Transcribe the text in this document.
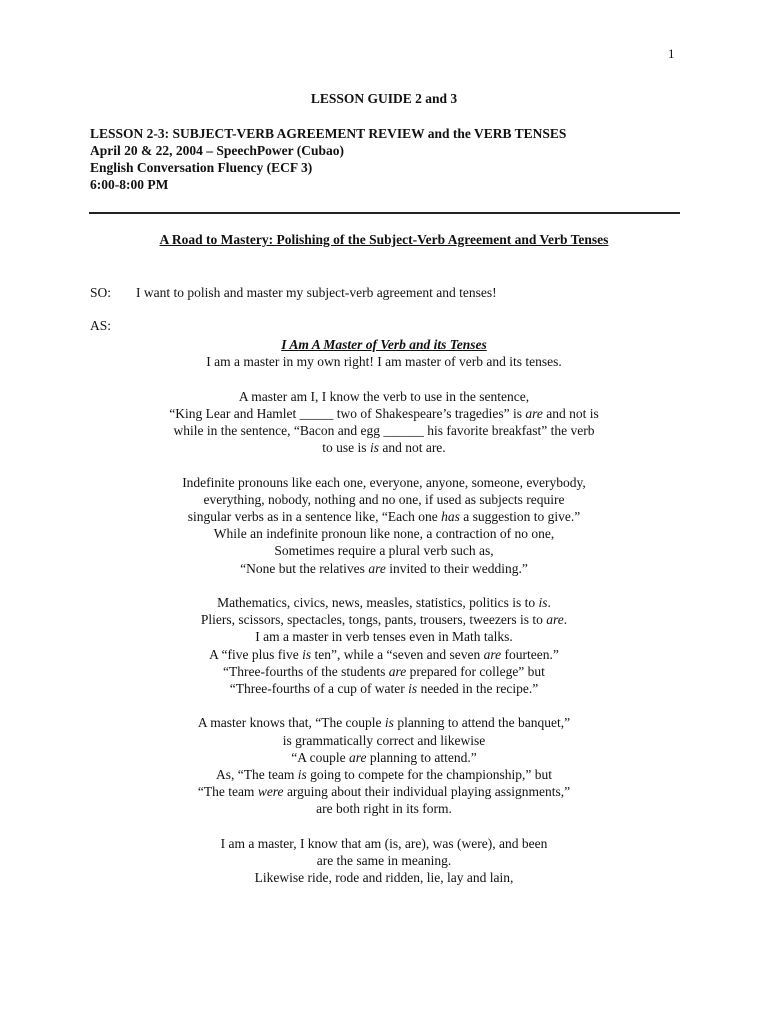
1
LESSON GUIDE 2 and 3
LESSON 2-3: SUBJECT-VERB AGREEMENT REVIEW and the VERB TENSES
April 20 & 22, 2004 – SpeechPower (Cubao)
English Conversation Fluency (ECF 3)
6:00-8:00 PM
A Road to Mastery: Polishing of the Subject-Verb Agreement and Verb Tenses
SO: I want to polish and master my subject-verb agreement and tenses!
AS:
I Am A Master of Verb and its Tenses
I am a master in my own right! I am master of verb and its tenses.
A master am I, I know the verb to use in the sentence,
“King Lear and Hamlet _____ two of Shakespeare’s tragedies” is are and not is
while in the sentence, “Bacon and egg ______ his favorite breakfast” the verb
to use is is and not are.
Indefinite pronouns like each one, everyone, anyone, someone, everybody,
everything, nobody, nothing and no one, if used as subjects require
singular verbs as in a sentence like, “Each one has a suggestion to give.”
While an indefinite pronoun like none, a contraction of no one,
Sometimes require a plural verb such as,
“None but the relatives are invited to their wedding.”
Mathematics, civics, news, measles, statistics, politics is to is.
Pliers, scissors, spectacles, tongs, pants, trousers, tweezers is to are.
I am a master in verb tenses even in Math talks.
A “five plus five is ten”, while a “seven and seven are fourteen.”
“Three-fourths of the students are prepared for college” but
“Three-fourths of a cup of water is needed in the recipe.”
A master knows that, “The couple is planning to attend the banquet,”
is grammatically correct and likewise
“A couple are planning to attend.”
As, “The team is going to compete for the championship,” but
“The team were arguing about their individual playing assignments,”
are both right in its form.
I am a master, I know that am (is, are), was (were), and been
are the same in meaning.
Likewise ride, rode and ridden, lie, lay and lain,
